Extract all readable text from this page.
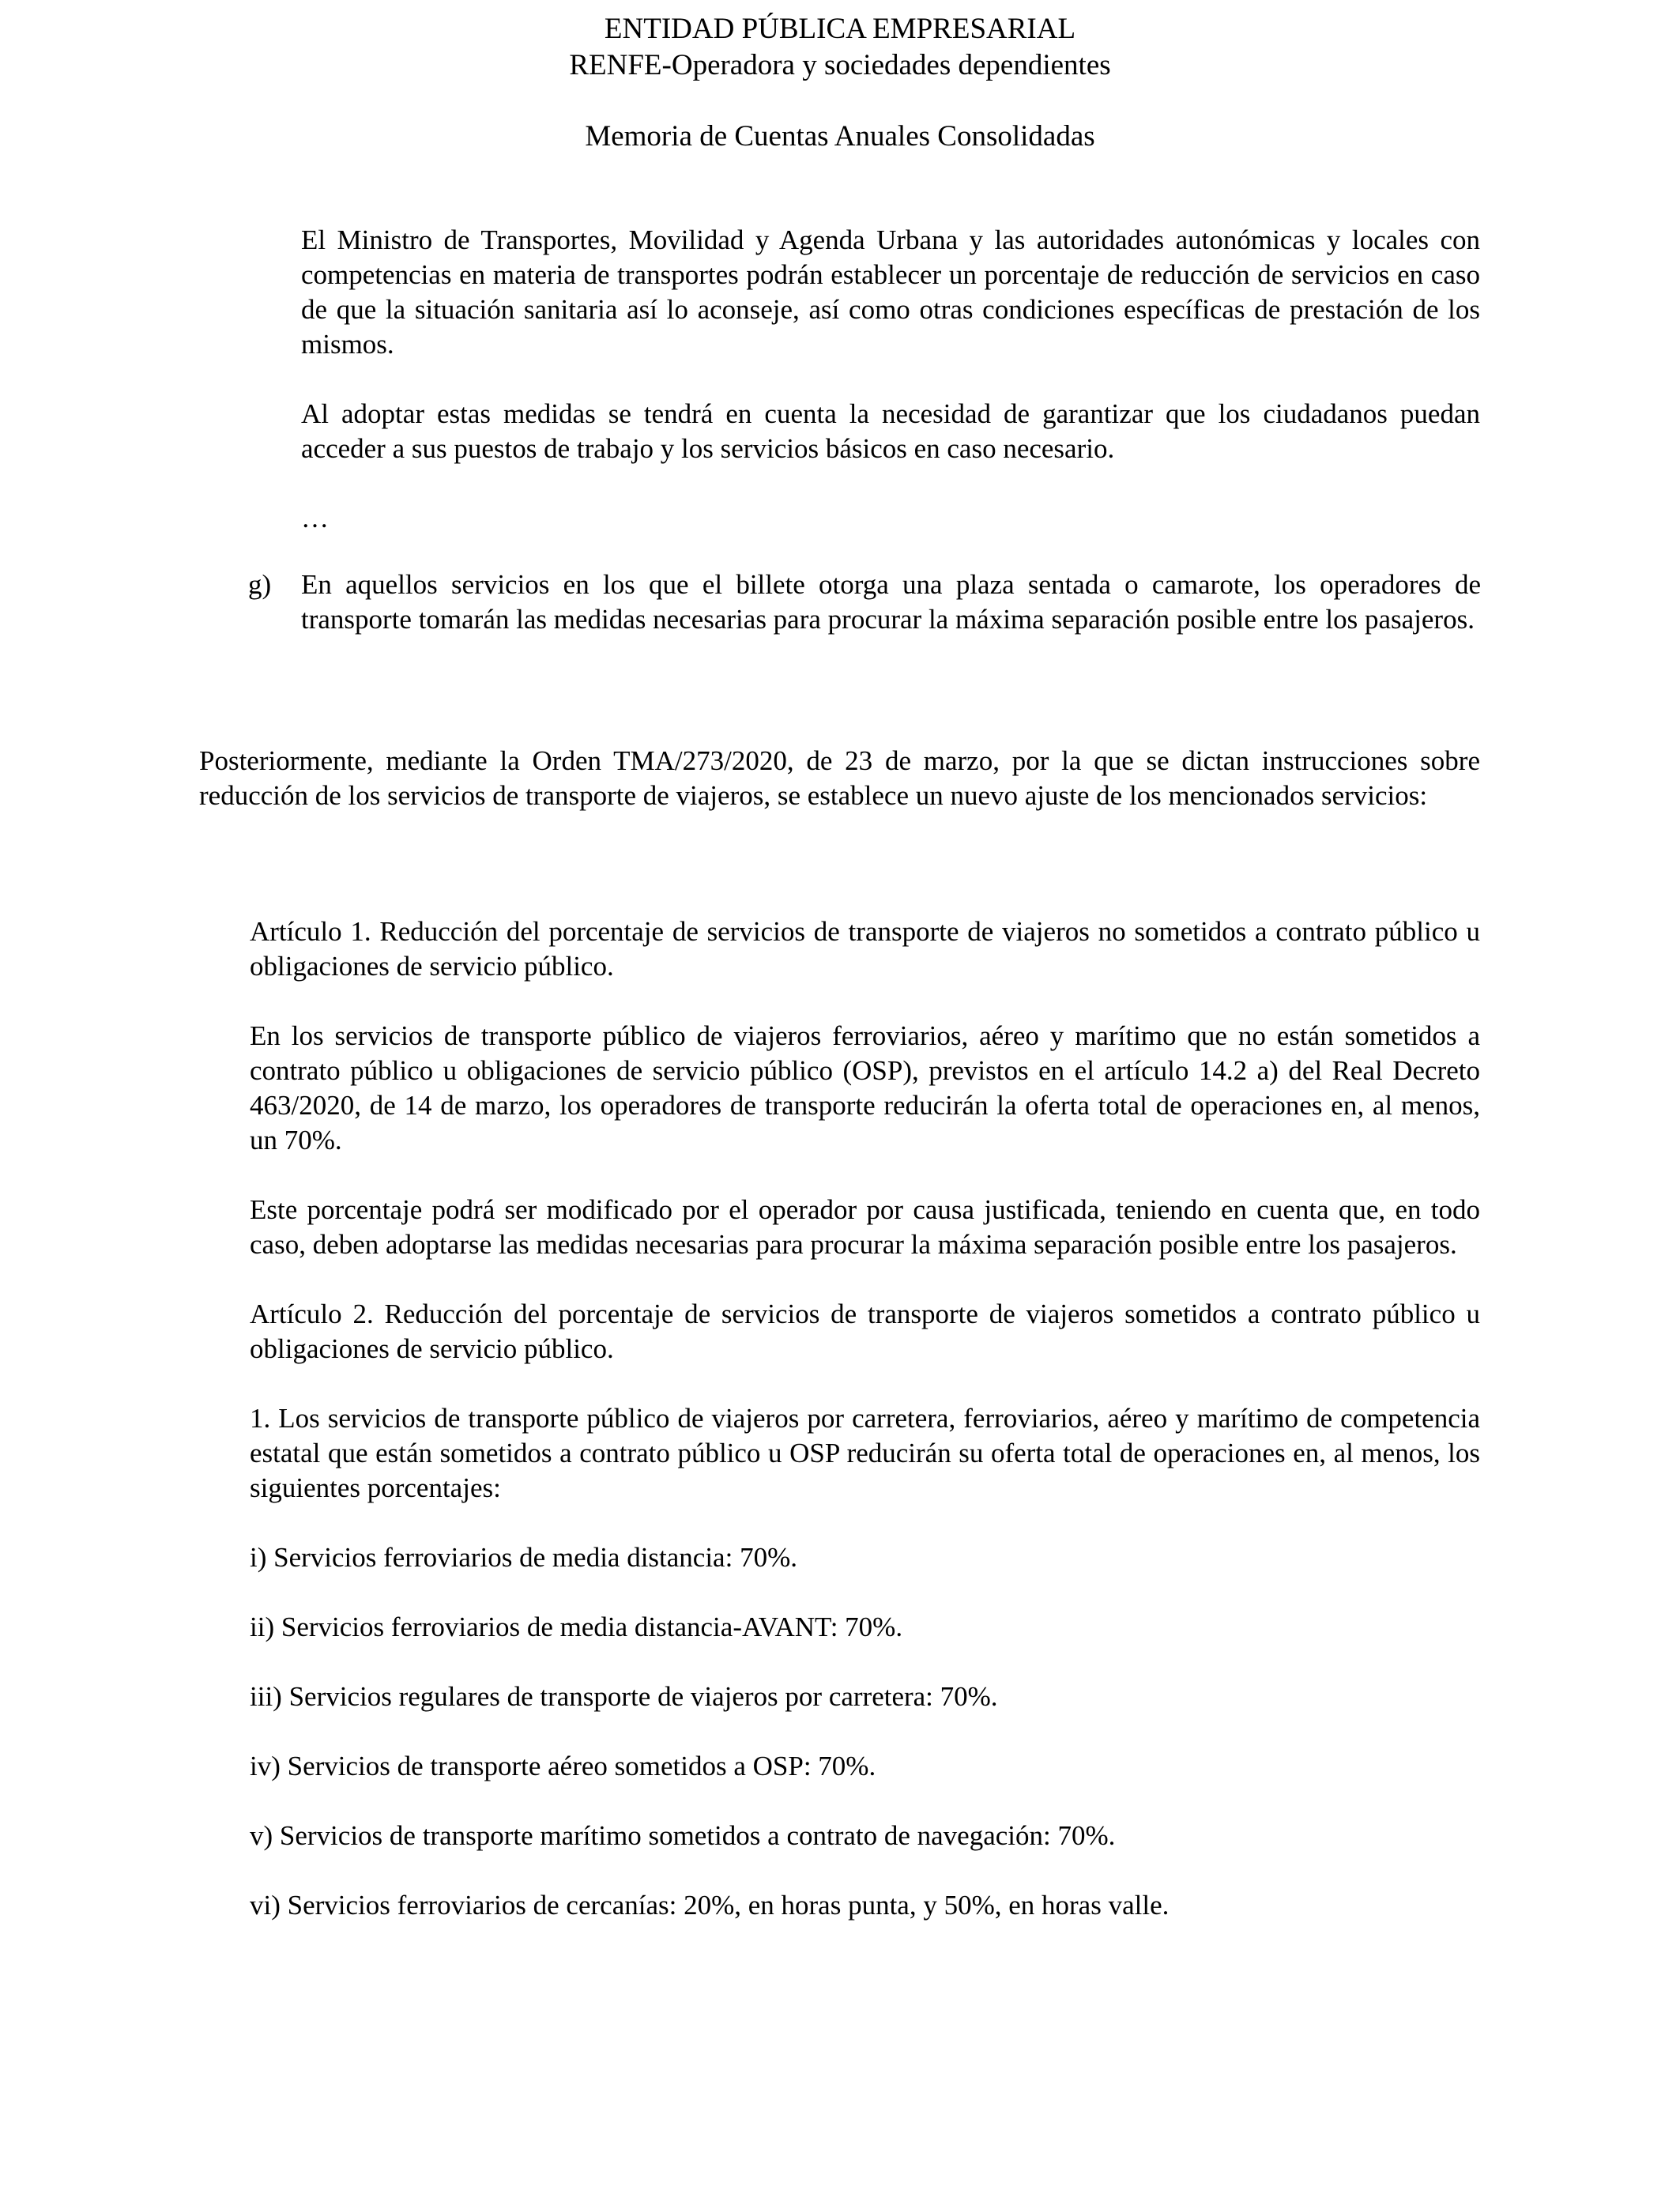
ENTIDAD PÚBLICA EMPRESARIAL
RENFE-Operadora y sociedades dependientes
Memoria de Cuentas Anuales Consolidadas

El Ministro de Transportes, Movilidad y Agenda Urbana y las autoridades autonómicas y locales con competencias en materia de transportes podrán establecer un porcentaje de reducción de servicios en caso de que la situación sanitaria así lo aconseje, así como otras condiciones específicas de prestación de los mismos.

Al adoptar estas medidas se tendrá en cuenta la necesidad de garantizar que los ciudadanos puedan acceder a sus puestos de trabajo y los servicios básicos en caso necesario.

…
g) En aquellos servicios en los que el billete otorga una plaza sentada o camarote, los operadores de transporte tomarán las medidas necesarias para procurar la máxima separación posible entre los pasajeros.

Posteriormente, mediante la Orden TMA/273/2020, de 23 de marzo, por la que se dictan instrucciones sobre reducción de los servicios de transporte de viajeros, se establece un nuevo ajuste de los mencionados servicios:

Artículo 1. Reducción del porcentaje de servicios de transporte de viajeros no sometidos a contrato público u obligaciones de servicio público.

En los servicios de transporte público de viajeros ferroviarios, aéreo y marítimo que no están sometidos a contrato público u obligaciones de servicio público (OSP), previstos en el artículo 14.2 a) del Real Decreto 463/2020, de 14 de marzo, los operadores de transporte reducirán la oferta total de operaciones en, al menos, un 70%.

Este porcentaje podrá ser modificado por el operador por causa justificada, teniendo en cuenta que, en todo caso, deben adoptarse las medidas necesarias para procurar la máxima separación posible entre los pasajeros.

Artículo 2. Reducción del porcentaje de servicios de transporte de viajeros sometidos a contrato público u obligaciones de servicio público.

1. Los servicios de transporte público de viajeros por carretera, ferroviarios, aéreo y marítimo de competencia estatal que están sometidos a contrato público u OSP reducirán su oferta total de operaciones en, al menos, los siguientes porcentajes:

i) Servicios ferroviarios de media distancia: 70%.

ii) Servicios ferroviarios de media distancia-AVANT: 70%.

iii) Servicios regulares de transporte de viajeros por carretera: 70%.

iv) Servicios de transporte aéreo sometidos a OSP: 70%.

v) Servicios de transporte marítimo sometidos a contrato de navegación: 70%.

vi) Servicios ferroviarios de cercanías: 20%, en horas punta, y 50%, en horas valle.
